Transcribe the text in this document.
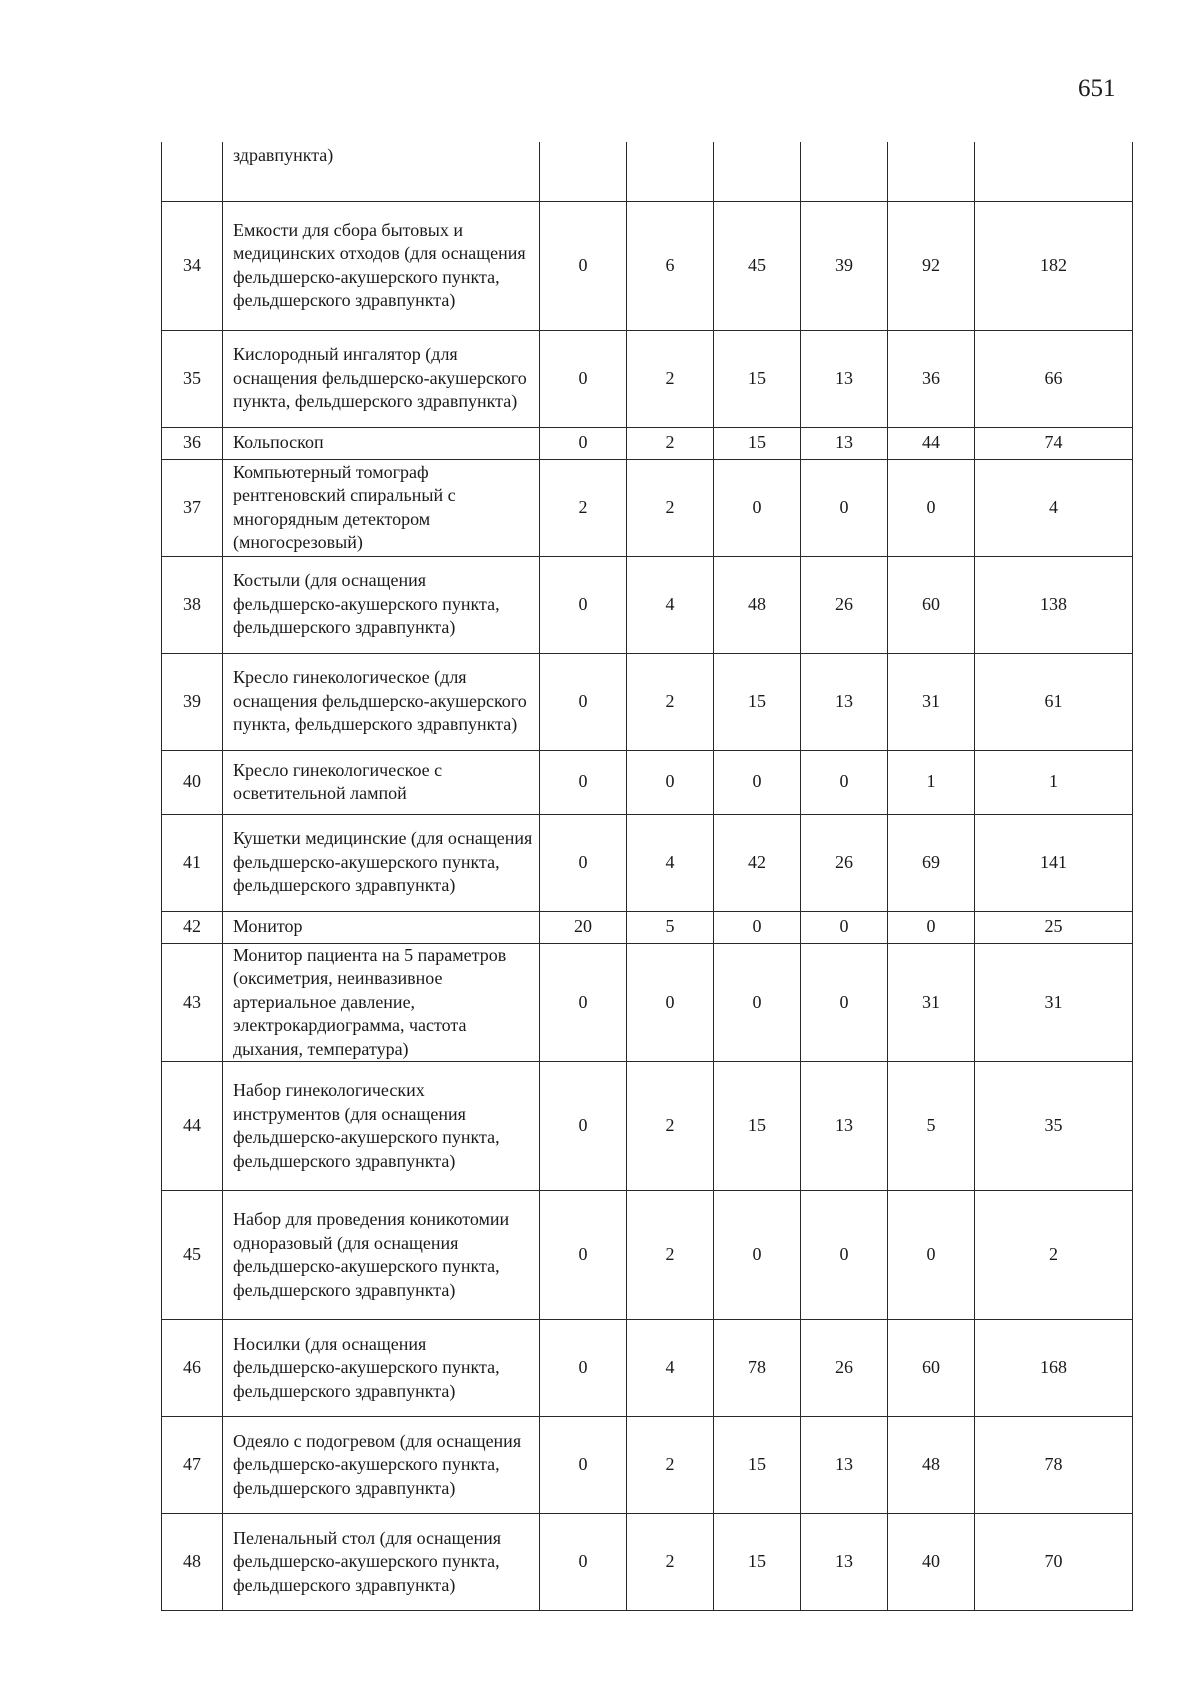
651
	здравпункта)						
34	Емкости для сбора бытовых и медицинских отходов (для оснащения фельдшерско-акушерского пункта, фельдшерского здравпункта)	0	6	45	39	92	182
35	Кислородный ингалятор (для оснащения фельдшерско-акушерского пункта, фельдшерского здравпункта)	0	2	15	13	36	66
36	Кольпоскоп	0	2	15	13	44	74
37	Компьютерный томограф рентгеновский спиральный с многорядным детектором (многосрезовый)	2	2	0	0	0	4
38	Костыли (для оснащения фельдшерско-акушерского пункта, фельдшерского здравпункта)	0	4	48	26	60	138
39	Кресло гинекологическое (для оснащения фельдшерско-акушерского пункта, фельдшерского здравпункта)	0	2	15	13	31	61
40	Кресло гинекологическое с осветительной лампой	0	0	0	0	1	1
41	Кушетки медицинские (для оснащения фельдшерско-акушерского пункта, фельдшерского здравпункта)	0	4	42	26	69	141
42	Монитор	20	5	0	0	0	25
43	Монитор пациента на 5 параметров (оксиметрия, неинвазивное артериальное давление, электрокардиограмма, частота дыхания, температура)	0	0	0	0	31	31
44	Набор гинекологических инструментов (для оснащения фельдшерско-акушерского пункта, фельдшерского здравпункта)	0	2	15	13	5	35
45	Набор для проведения коникотомии одноразовый (для оснащения фельдшерско-акушерского пункта, фельдшерского здравпункта)	0	2	0	0	0	2
46	Носилки (для оснащения фельдшерско-акушерского пункта, фельдшерского здравпункта)	0	4	78	26	60	168
47	Одеяло с подогревом (для оснащения фельдшерско-акушерского пункта, фельдшерского здравпункта)	0	2	15	13	48	78
48	Пеленальный стол (для оснащения фельдшерско-акушерского пункта, фельдшерского здравпункта)	0	2	15	13	40	70
